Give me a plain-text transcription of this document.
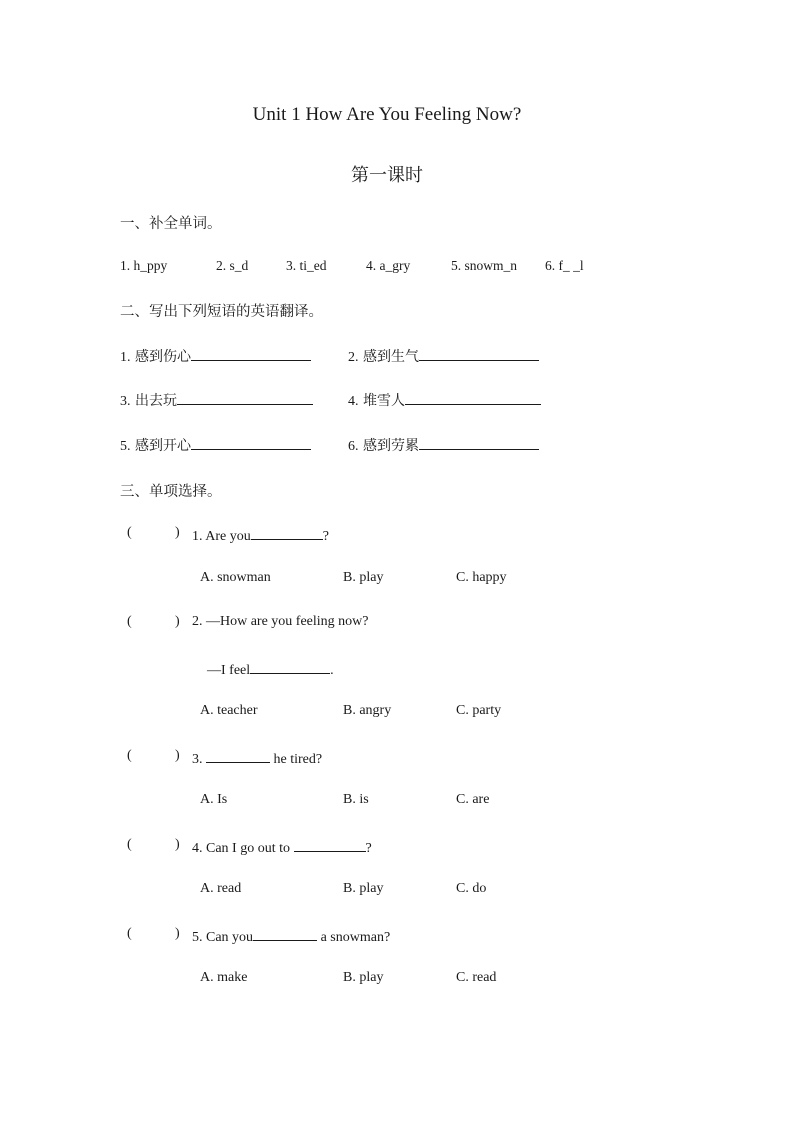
Unit 1 How Are You Feeling Now?
第一课时
一、补全单词。
1. h_ppy	2. s_d	3. ti_ed	4. a_gry	5. snowm_n 6. f_ _l
二、写出下列短语的英语翻译。
1. 感到伤心	2. 感到生气
3. 出去玩	4. 堆雪人
5. 感到开心	6. 感到劳累
三、单项选择。
(	) 1. Are you	?
A. snowman	B. play	C. happy
(	) 2. —How are you feeling now?
—I feel	.
A. teacher	B. angry	C. party
(	) 3.	he tired?
A. Is	B. is	C. are
(	) 4. Can I go out to	?
A. read	B. play	C. do
(	) 5. Can you	a snowman?
A. make	B. play	C. read
